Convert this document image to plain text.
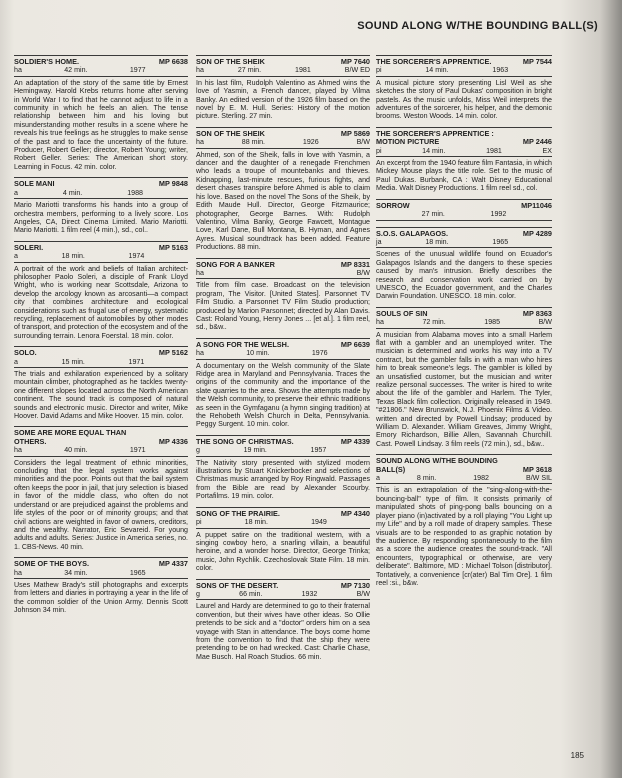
SOUND ALONG W/THE BOUNDING BALL(S)
SOLDIER'S HOME.	MP 6638
ha	42 min.	1977

An adaptation of the story of the same title by Ernest Hemingway. Harold Krebs returns home after serving in World War I to find that he cannot adjust to life in a community in which he feels an alien. The tense relationship between him and his loving but misunderstanding mother results in a scene where he reveals his true feelings as he struggles to make sense of the past and to face the uncertainty of the future. Producer, Robert Geller; director, Robert Young; writer, Robert Geller. Series: The American short story. Learning in Focus. 42 min. color.

SOLE MANI	MP 9848
a	4 min.	1988

Mario Mariotti transforms his hands into a group of orchestra members, performing to a lively score. Los Angeles, CA, Direct Cinema Limited. Mario Mariotti. Mario Mariotti. 1 film reel (4 min.), sd., col..

SOLERI.	MP 5163
a	18 min.	1974

A portrait of the work and beliefs of Italian architect-philosopher Paolo Soleri, a disciple of Frank Lloyd Wright, who is working near Scottsdale, Arizona to develop the arcology known as arcosanti—a compact city that combines architecture and ecological considerations such as frugal use of energy, systematic recycling, replacement of automobiles by other modes of transport, and protection of the ecosystem and of the surrounding terrain. Lenora Foerstal. 18 min. color.

SOLO.	MP 5162
a	15 min.	1971

The trials and exhilaration experienced by a solitary mountain climber, photographed as he tackles twenty-one different slopes located across the North American continent. The sound track is composed of natural sounds and electronic music. Director and writer, Mike Hoover. David Adams and Mike Hoover. 15 min. color.

SOME ARE MORE EQUAL THAN OTHERS.	MP 4336
ha	40 min.	1971

Considers the legal treatment of ethnic minorities, concluding that the legal system works against minorities and the poor. Points out that the bail system often keeps the poor in jail, that jury selection is biased in favor of the middle class, who often do not understand or are prejudiced against the problems and life styles of the poor or of minority groups; and that civil actions are weighted in favor of owners, creditors, and the wealthy. Narrator, Eric Sevareid. For young adults and adults. Series: Justice in America series, no. 1. CBS-News. 40 min.

SOME OF THE BOYS.	MP 4337
ha	34 min.	1965

Uses Mathew Brady's still photographs and excerpts from letters and diaries in portraying a year in the life of the common soldier of the Union Army. Dennis Scott Johnson 34 min.

SON OF THE SHEIK	MP 7640
ha	27 min.	1981	B/W ED

In his last film, Rudolph Valentino as Ahmed wins the love of Yasmin, a French dancer, played by Vilma Banky. An edited version of the 1926 film based on the novel by E. M. Hull. Series: History of the motion picture. Sterling. 27 min.

SON OF THE SHEIK	MP 5869
ha	88 min.	1926	B/W

Ahmed, son of the Sheik, falls in love with Yasmin, a dancer and the daughter of a renegade Frenchmen who leads a troupe of mountebanks and thieves. Kidnapping, last-minute rescues, furious fights, and desert chases transpire before Ahmed is able to claim his love. Based on the novel The Sons of the Sheik, by Edith Maude Hull. Director, George Fitzmaurice; photographer, George Barnes. With: Rudolph Valentino, Vilma Banky, George Fawcett, Montague Love, Karl Dane, Bull Montana, B. Hyman, and Agnes Ayres. Musical soundtrack has been added. Feature Productions. 88 min.

SONG FOR A BANKER	MP 8331
ha	B/W

Title from film case. Broadcast on the television program, The Visitor. [United States]. Parsonnet TV Film Studio. a Parsonnet TV Film Studio production; produced by Marion Parsonnet; directed by Alan Davis. Cast: Roland Young, Henry Jones ... [et al.]. 1 film reel, sd., b&w..

A SONG FOR THE WELSH.	MP 6639
ha	10 min.	1976

A documentary on the Welsh community of the Slate Ridge area in Maryland and Pennsylvania. Traces the origins of the community and the importance of the slate quarries to the area. Shows the attempts made by the Welsh community, to preserve their ethnic traditions as seen in the Gymfaganu (a hymn singing tradition) at the Rehobeth Welsh Church in Delta, Pennsylvania. Peggy Surgent. 10 min. color.

THE SONG OF CHRISTMAS.	MP 4339
g	19 min.	1957

The Nativity story presented with stylized modern illustrations by Stuart Knickerbocker and selections of Christmas music arranged by Roy Ringwald. Passages from the Bible are read by Alexander Scourby. Portafilms. 19 min. color.

SONG OF THE PRAIRIE.	MP 4340
pi	18 min.	1949

A puppet satire on the traditional western, with a singing cowboy hero, a snarling villain, a beautiful heroine, and a wonder horse. Director, George Trinka; music, John Rychlik. Czechoslovak State Film. 18 min. color.

SONS OF THE DESERT.	MP 7130
g	66 min.	1932	B/W

Laurel and Hardy are determined to go to their fraternal convention, but their wives have other ideas. So Ollie pretends to be sick and a "doctor" orders him on a sea voyage with Stan in attendance. The boys come home from the convention to find that the ship they were pretending to be on had wrecked. Cast: Charlie Chase, Mae Busch. Hal Roach Studios. 66 min.

THE SORCERER'S APPRENTICE.	MP 7544
pi	14 min.	1963

A musical picture story presenting Lisl Weil as she sketches the story of Paul Dukas' composition in bright pastels. As the music unfolds, Miss Weil interprets the adventures of the sorcerer, his helper, and the demonic brooms. Weston Woods. 14 min. color.

THE SORCERER'S APPRENTICE : MOTION PICTURE	MP 2446
pi	14 min.	1981	EX

An excerpt from the 1940 feature film Fantasia, in which Mickey Mouse plays the title role. Set to the music of Paul Dukas. Burbank, CA : Walt Disney Educational Media. Walt Disney Productions. 1 film reel sd., col.

SORROW	MP11046
27 min.	1992
S.O.S. GALAPAGOS.	MP 4289
ja	18 min.	1965

Scenes of the unusual wildlife found on Ecuador's Galapagos Islands and the dangers to these species caused by man's intrusion. Briefly describes the research and conservation work carried on by UNESCO, the Ecuador government, and the Charles Darwin Foundation. UNESCO. 18 min. color.

SOULS OF SIN	MP 8363
ha	72 min.	1985	B/W

A musician from Alabama moves into a small Harlem flat with a gambler and an unemployed writer. The musician is determined and works his way into a TV contract, but the gambler falls in with a man who hires him to break someone's legs. The gambler is killed by an unsatisfied customer, but the musician and writer realize personal successes. The writer is hired to write about the life of the gambler and Harlem. The Tyler, Texas Black film collection. Originally released in 1949. "#21806." New Brunswick, N.J. Phoenix Films & Video. written and directed by Powell Lindsay; produced by William D. Alexander. William Greaves, Jimmy Wright, Emory Richardson, Billie Allen, Savannah Churchill. Cast. Powell Lindsay. 3 film reels (72 min.), sd., b&w..

SOUND ALONG W/THE BOUNDING BALL(S)	MP 3618
a	8 min.	1982	B/W SIL

This is an extrapolation of the "sing-along-with-the-bouncing-ball" type of film. It consists primarily of manipulated shots of ping-pong balls bouncing on a player piano (in)activated by a roll playing "You Light up my Life" and by a roll made of drapery samples. These visuals are to be responded to as graphic notation by the audience. By responding spontaneously to the film as a score the audience creates the sound-track. "All encounters, typographical or otherwise, are very deliberate". Baltimore, MD : Michael Tolson [distributor]. Tontatively, a convenience [cr(ater) Bal Tim Ore]. 1 film reel :si., b&w.

185
